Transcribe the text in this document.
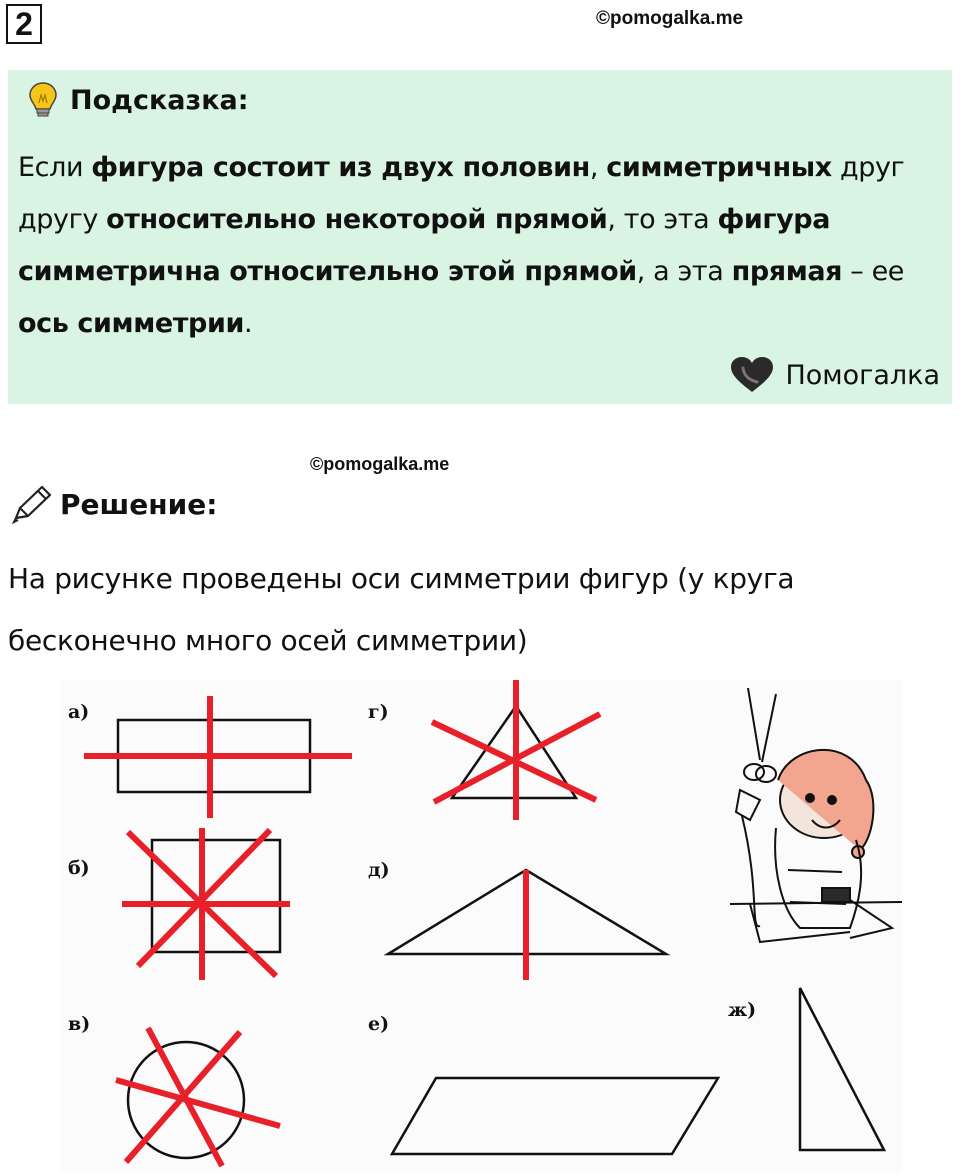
2	©pomogalka.me
Подсказка:
Если фигура состоит из двух половин, симметричных друг другу относительно некоторой прямой, то эта фигура симметрична относительно этой прямой, а эта прямая – ее ось симметрии.
Помогалка
©pomogalka.me
Решение:
На рисунке проведены оси симметрии фигур (у круга бесконечно много осей симметрии)
а)
б)
в)
г)
д)
е)
ж)
